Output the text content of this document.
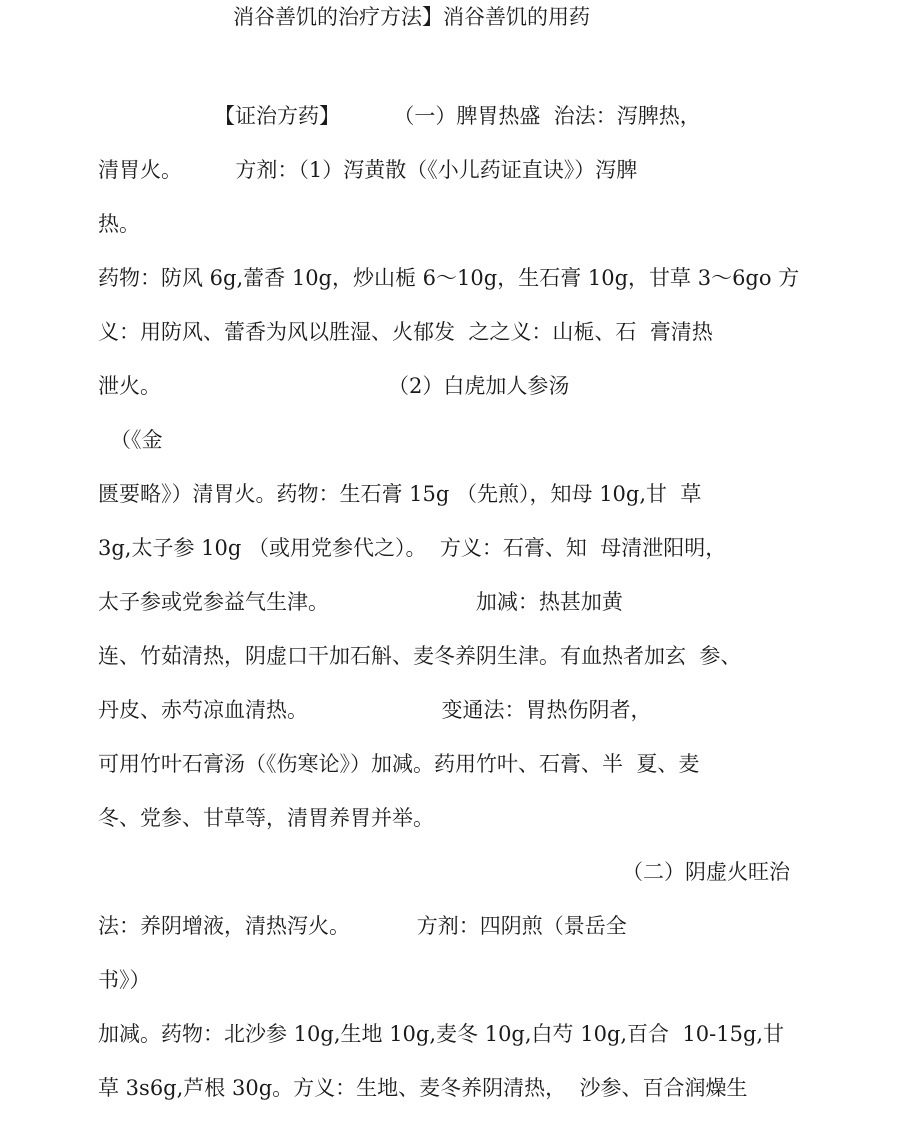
消谷善饥的治疗方法】消谷善饥的用药
【证治方药】        （一）脾胃热盛  治法：泻脾热，
清胃火。        方剂：（1）泻黄散（《小儿药证直诀》）泻脾
热。
药物：防风 6g,蕾香 10g，炒山栀 6〜10g，生石膏 10g，甘草 3〜6go 方
义：用防风、蕾香为风以胜湿、火郁发  之之义：山栀、石  膏清热
泄火。                                  （2）白虎加人参汤
（《金
匮要略》）清胃火。药物：生石膏 15g （先煎），知母 10g,甘  草
3g,太子参 10g （或用党参代之）。  方义：石膏、知  母清泄阳明，
太子参或党参益气生津。                      加减：热甚加黄
连、竹茹清热，阴虚口干加石斛、麦冬养阴生津。有血热者加玄  参、
丹皮、赤芍凉血清热。                    变通法：胃热伤阴者，
可用竹叶石膏汤（《伤寒论》）加减。药用竹叶、石膏、半  夏、麦
冬、党参、甘草等，清胃养胃并举。
（二）阴虚火旺治
法：养阴增液，清热泻火。          方剂：四阴煎（景岳全
书》）
加减。药物：北沙参 10g,生地 10g,麦冬 10g,白芍 10g,百合  10-15g,甘
草 3s6g,芦根 30g。方义：生地、麦冬养阴清热，  沙参、百合润燥生
